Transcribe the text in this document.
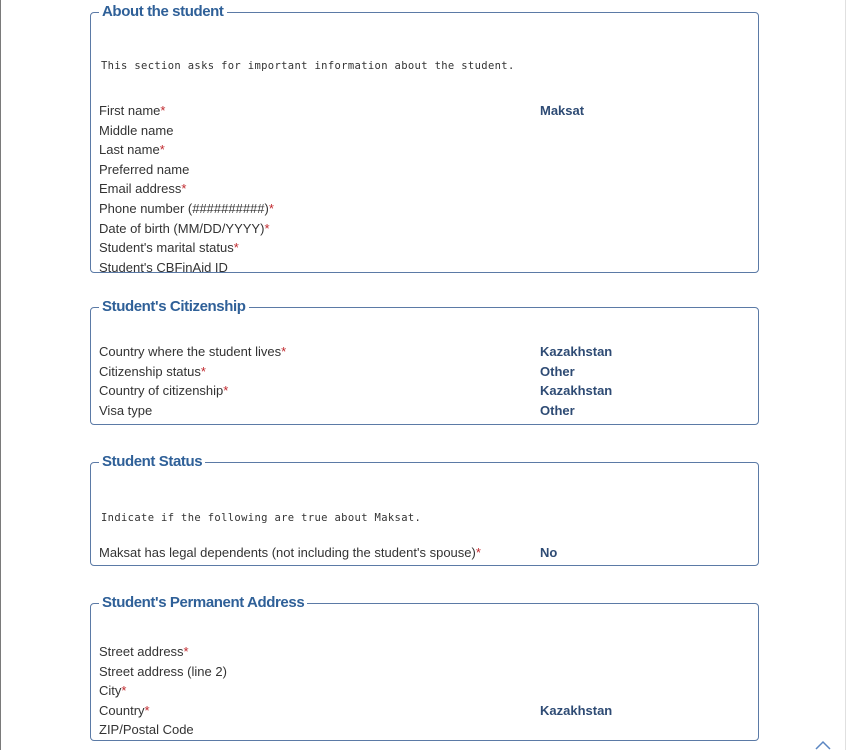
About the student
This section asks for important information about the student.
First name*	Maksat
Middle name
Last name*
Preferred name
Email address*
Phone number (##########)*
Date of birth (MM/DD/YYYY)*
Student's marital status*
Student's CBFinAid ID
Student's Citizenship
Country where the student lives*	Kazakhstan
Citizenship status*	Other
Country of citizenship*	Kazakhstan
Visa type	Other
Student Status
Indicate if the following are true about Maksat.
Maksat has legal dependents (not including the student's spouse)*	No
Student's Permanent Address
Street address*
Street address (line 2)
City*
Country*	Kazakhstan
ZIP/Postal Code
